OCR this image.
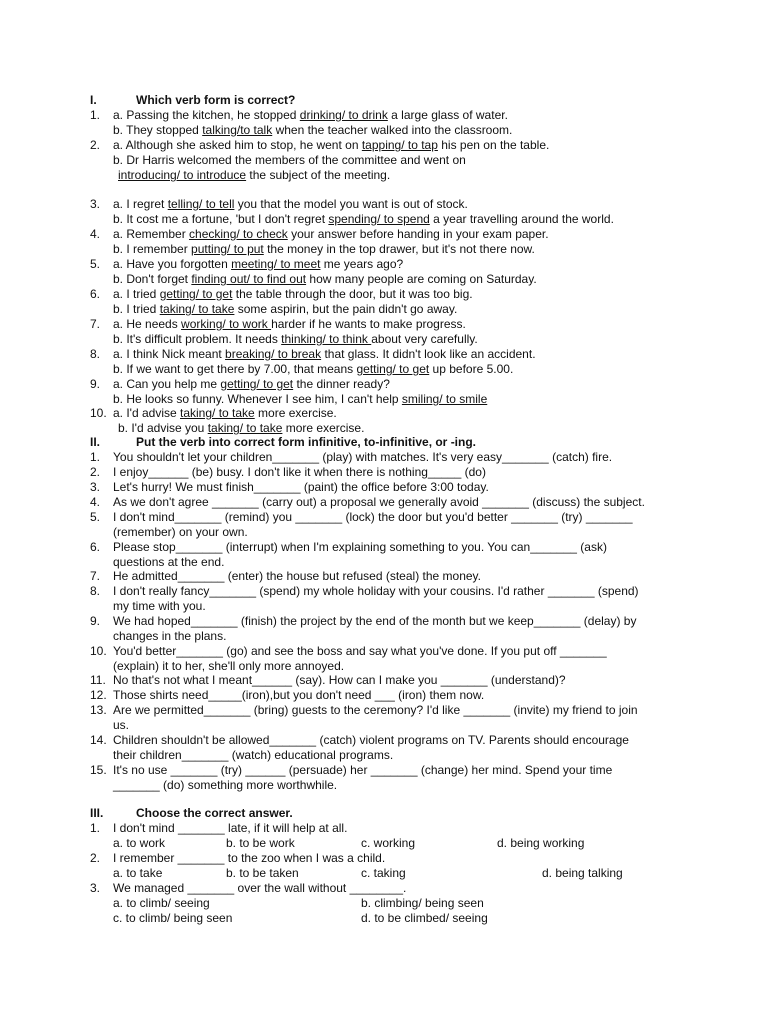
I.	Which verb form is correct?
1. a. Passing the kitchen, he stopped drinking/ to drink a large glass of water.
b. They stopped talking/to talk when the teacher walked into the classroom.
2. a. Although she asked him to stop, he went on tapping/ to tap his pen on the table.
b. Dr Harris welcomed the members of the committee and went on
introducing/ to introduce the subject of the meeting.
3. a. I regret telling/ to tell you that the model you want is out of stock.
b. It cost me a fortune, 'but I don't regret spending/ to spend a year travelling around the world.
4. a. Remember checking/ to check your answer before handing in your exam paper.
b. I remember putting/ to put the money in the top drawer, but it's not there now.
5. a. Have you forgotten meeting/ to meet me years ago?
b. Don't forget finding out/ to find out how many people are coming on Saturday.
6. a. I tried getting/ to get the table through the door, but it was too big.
b. I tried taking/ to take some aspirin, but the pain didn't go away.
7. a. He needs working/ to work harder if he wants to make progress.
b. It's difficult problem. It needs thinking/ to think about very carefully.
8. a. I think Nick meant breaking/ to break that glass. It didn't look like an accident.
b. If we want to get there by 7.00, that means getting/ to get up before 5.00.
9. a. Can you help me getting/ to get the dinner ready?
b. He looks so funny. Whenever I see him, I can't help smiling/ to smile
10. a. I'd advise taking/ to take more exercise.
b. I'd advise you taking/ to take more exercise.
II.	Put the verb into correct form infinitive, to-infinitive, or -ing.
1. You shouldn't let your children_______ (play) with matches. It's very easy_______ (catch) fire.
2. I enjoy______ (be) busy. I don't like it when there is nothing_____ (do)
3. Let's hurry! We must finish_______ (paint) the office before 3:00 today.
4. As we don't agree _______ (carry out) a proposal we generally avoid _______ (discuss) the subject.
5. I don't mind_______ (remind) you _______ (lock) the door but you'd better _______ (try) _______
(remember) on your own.
6. Please stop_______ (interrupt) when I'm explaining something to you. You can_______ (ask)
questions at the end.
7. He admitted_______ (enter) the house but refused (steal) the money.
8. I don't really fancy_______ (spend) my whole holiday with your cousins. I'd rather _______ (spend)
my time with you.
9. We had hoped_______ (finish) the project by the end of the month but we keep_______ (delay) by
changes in the plans.
10. You'd better_______ (go) and see the boss and say what you've done. If you put off _______
(explain) it to her, she'll only more annoyed.
11. No that's not what I meant______ (say). How can I make you _______ (understand)?
12. Those shirts need_____(iron),but you don't need ___ (iron) them now.
13. Are we permitted_______ (bring) guests to the ceremony? I'd like _______ (invite) my friend to join
us.
14. Children shouldn't be allowed_______ (catch) violent programs on TV. Parents should encourage
their children_______ (watch) educational programs.
15. It's no use _______ (try) ______ (persuade) her _______ (change) her mind. Spend your time
_______ (do) something more worthwhile.
III.	Choose the correct answer.
1. I don't mind _______ late, if it will help at all.
a. to work	b. to be work	c. working	d. being working
2. I remember _______ to the zoo when I was a child.
a. to take	b. to be taken	c. taking	d. being talking
3. We managed _______ over the wall without ________.
a. to climb/ seeing	b. climbing/ being seen
c. to climb/ being seen	d. to be climbed/ seeing
